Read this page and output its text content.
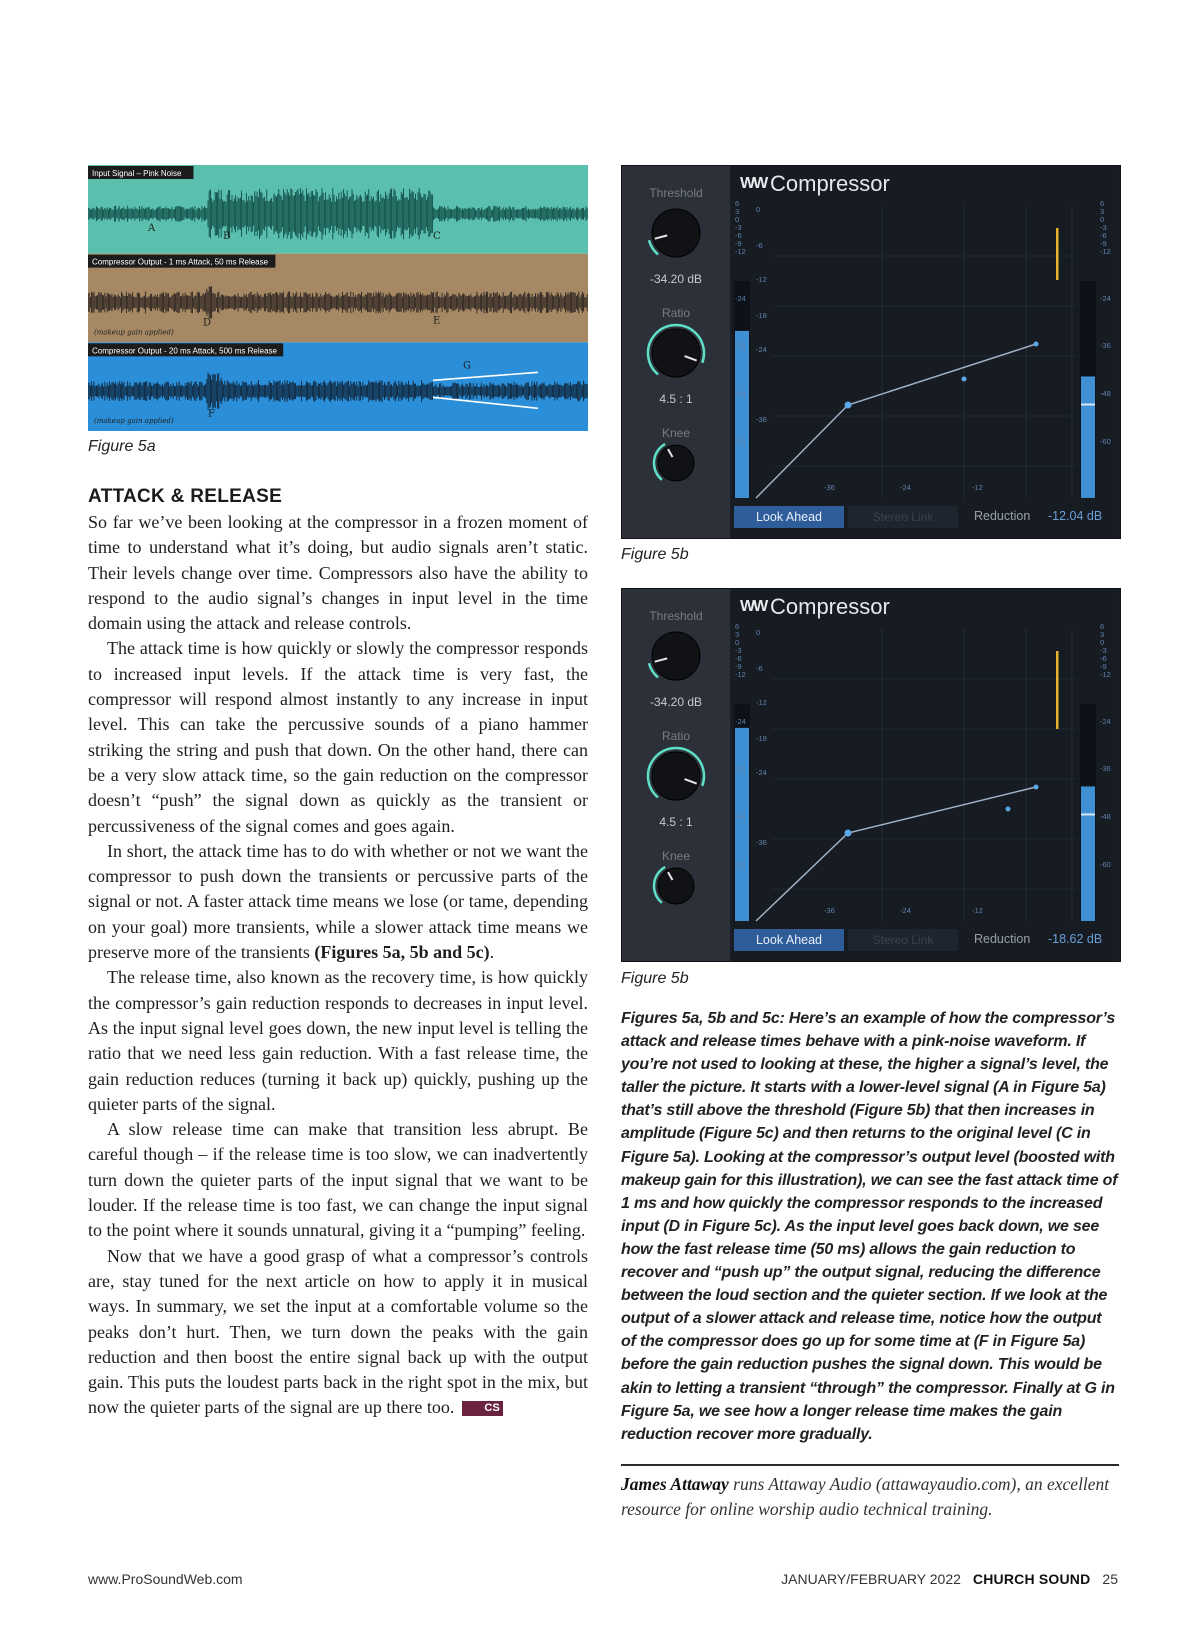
Input Signal – Pink Noise
A
B	C
Compressor Output - 1 ms Attack, 50 ms Release
D	E
(makeup gain applied)
Compressor Output - 20 ms Attack, 500 ms Release
F
G
(makeup gain applied)
Figure 5a
ATTACK & RELEASE

So far we’ve been looking at the compressor in a frozen moment of time to understand what it’s doing, but audio signals aren’t static. Their levels change over time. Compressors also have the ability to respond to the audio signal’s changes in input level in the time domain using the attack and release controls.

The attack time is how quickly or slowly the compressor responds to increased input levels. If the attack time is very fast, the compressor will respond almost instantly to any increase in input level. This can take the percussive sounds of a piano hammer striking the string and push that down. On the other hand, there can be a very slow attack time, so the gain reduction on the compressor doesn’t “push” the signal down as quickly as the transient or percussiveness of the signal comes and goes again.

In short, the attack time has to do with whether or not we want the compressor to push down the transients or percussive parts of the signal or not. A faster attack time means we lose (or tame, depending on your goal) more transients, while a slower attack time means we preserve more of the transients (Figures 5a, 5b and 5c).

The release time, also known as the recovery time, is how quickly the compressor’s gain reduction responds to decreases in input level. As the input signal level goes down, the new input level is telling the ratio that we need less gain reduction. With a fast release time, the gain reduction reduces (turning it back up) quickly, pushing up the quieter parts of the signal.

A slow release time can make that transition less abrupt. Be careful though – if the release time is too slow, we can inadvertently turn down the quieter parts of the input signal that we want to be louder. If the release time is too fast, we can change the input signal to the point where it sounds unnatural, giving it a “pumping” feeling.

Now that we have a good grasp of what a compressor’s controls are, stay tuned for the next article on how to apply it in musical ways. In summary, we set the input at a comfortable volume so the peaks don’t hurt. Then, we turn down the peaks with the gain reduction and then boost the entire signal back up with the output gain. This puts the loudest parts back in the right spot in the mix, but now the quieter parts of the signal are up there too.	CS

Threshold
-34.20 dB
Ratio
4.5 : 1
Knee
6
3
0
-3
-6
-9
-12
-24
-36
-48
-60
0
-6
-12
-18
-24
-36
-36	-24	-12
6
3
0
-3
-6
-9
-12
-24
-36
-48
-60
WW Compressor
Look Ahead	Stereo Link	Reduction -12.04 dB
Figure 5b
Threshold
-34.20 dB
Ratio
4.5 : 1
Knee
6
3
0
-3
-6
-9
-12
-24
-36
-48
-60
0
-6
-12
-18
-24
-36
-36	-24	-12
6
3
0
-3
-6
-9
-12
-24
-36
-48
-60
WW Compressor
Look Ahead	Stereo Link	Reduction -18.62 dB
Figure 5b

Figures 5a, 5b and 5c: Here’s an example of how the compressor’s attack and release times behave with a pink-noise waveform. If you’re not used to looking at these, the higher a signal’s level, the taller the picture. It starts with a lower-level signal (A in Figure 5a) that’s still above the threshold (Figure 5b) that then increases in amplitude (Figure 5c) and then returns to the original level (C in Figure 5a). Looking at the compressor’s output level (boosted with makeup gain for this illustration), we can see the fast attack time of 1 ms and how quickly the compressor responds to the increased input (D in Figure 5c). As the input level goes back down, we see how the fast release time (50 ms) allows the gain reduction to recover and “push up” the output signal, reducing the difference between the loud section and the quieter section. If we look at the output of a slower attack and release time, notice how the output of the compressor does go up for some time at (F in Figure 5a) before the gain reduction pushes the signal down. This would be akin to letting a transient “through” the compressor. Finally at G in Figure 5a, we see how a longer release time makes the gain reduction recover more gradually.

James Attaway runs Attaway Audio (attawayaudio.com), an excellent resource for online worship audio technical training.

www.ProSoundWeb.com	JANUARY/FEBRUARY 2022 CHURCH SOUND 25
